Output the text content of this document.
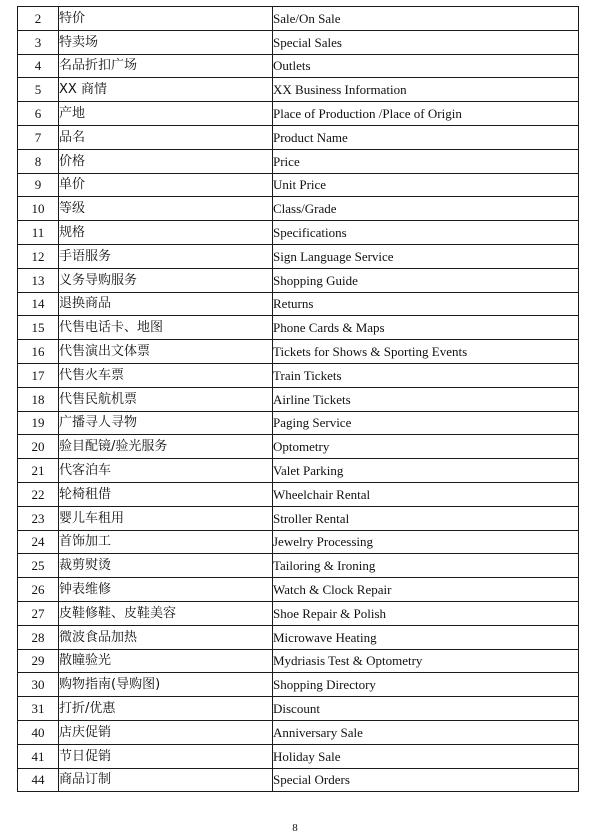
2	特价	Sale/On Sale
3	特卖场	Special Sales
4	名品折扣广场	Outlets
5	XX 商情	XX Business Information
6	产地	Place of Production /Place of Origin
7	品名	Product Name
8	价格	Price
9	单价	Unit Price
10	等级	Class/Grade
11	规格	Specifications
12	手语服务	Sign Language Service
13	义务导购服务	Shopping Guide
14	退换商品	Returns
15	代售电话卡、地图	Phone Cards & Maps
16	代售演出文体票	Tickets for Shows & Sporting Events
17	代售火车票	Train Tickets
18	代售民航机票	Airline Tickets
19	广播寻人寻物	Paging Service
20	验目配镜/验光服务	Optometry
21	代客泊车	Valet Parking
22	轮椅租借	Wheelchair Rental
23	婴儿车租用	Stroller Rental
24	首饰加工	Jewelry Processing
25	裁剪熨烫	Tailoring & Ironing
26	钟表维修	Watch & Clock Repair
27	皮鞋修鞋、皮鞋美容	Shoe Repair & Polish
28	微波食品加热	Microwave Heating
29	散瞳验光	Mydriasis Test & Optometry
30	购物指南(导购图)	Shopping Directory
31	打折/优惠	Discount
40	店庆促销	Anniversary Sale
41	节日促销	Holiday Sale
44	商品订制	Special Orders
8
